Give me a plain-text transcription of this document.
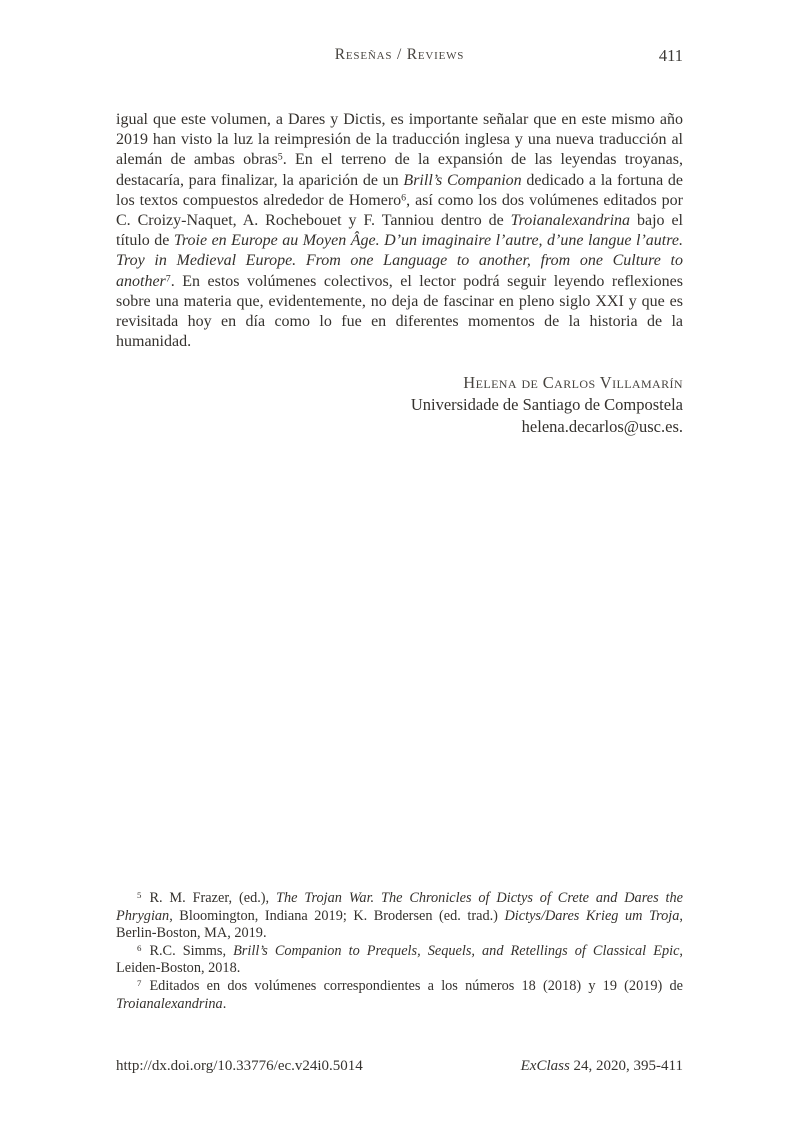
Reseñas / Reviews	411

igual que este volumen, a Dares y Dictis, es importante señalar que en este mismo año 2019 han visto la luz la reimpresión de la traducción inglesa y una nueva traducción al alemán de ambas obras$^5$. En el terreno de la expansión de las leyendas troyanas, destacaría, para finalizar, la aparición de un Brill’s Companion dedicado a la fortuna de los textos compuestos alrededor de Homero$^6$, así como los dos volúmenes editados por C. Croizy-Naquet, A. Rochebouet y F. Tanniou dentro de Troianalexandrina bajo el título de Troie en Europe au Moyen Âge. D’un imaginaire l’autre, d’une langue l’autre. Troy in Medieval Europe. From one Language to another, from one Culture to another$^7$. En estos volúmenes colectivos, el lector podrá seguir leyendo reflexiones sobre una materia que, evidentemente, no deja de fascinar en pleno siglo XXI y que es revisitada hoy en día como lo fue en diferentes momentos de la historia de la humanidad.

Helena de Carlos Villamarín
Universidade de Santiago de Compostela
helena.decarlos@usc.es.

$^5$ R. M. Frazer, (ed.), The Trojan War. The Chronicles of Dictys of Crete and Dares the Phrygian, Bloomington, Indiana 2019; K. Brodersen (ed. trad.) Dictys/Dares Krieg um Troja, Berlin-Boston, MA, 2019.

$^6$ R.C. Simms, Brill’s Companion to Prequels, Sequels, and Retellings of Classical Epic, Leiden-Boston, 2018.

$^7$ Editados en dos volúmenes correspondientes a los números 18 (2018) y 19 (2019) de Troianalexandrina.

http://dx.doi.org/10.33776/ec.v24i0.5014	ExClass 24, 2020, 395-411
